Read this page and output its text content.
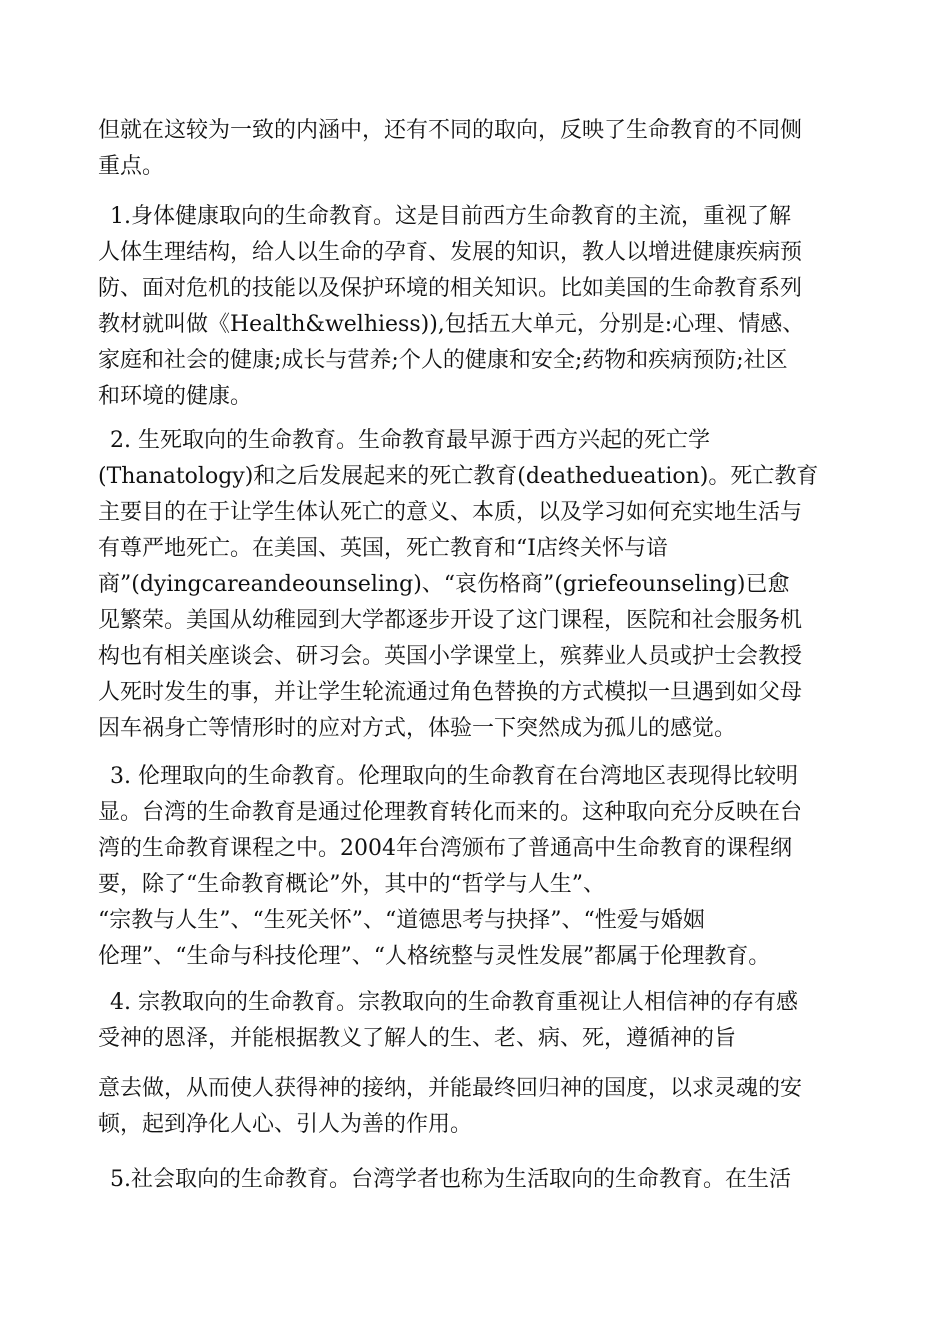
但就在这较为一致的内涵中，还有不同的取向，反映了生命教育的不同侧
重点。
1.身体健康取向的生命教育。这是目前西方生命教育的主流，重视了解
人体生理结构，给人以生命的孕育、发展的知识，教人以增进健康疾病预
防、面对危机的技能以及保护环境的相关知识。比如美国的生命教育系列
教材就叫做《Health&welhiess)),包括五大单元，分别是:心理、情感、
家庭和社会的健康;成长与营养;个人的健康和安全;药物和疾病预防;社区
和环境的健康。
2. 生死取向的生命教育。生命教育最早源于西方兴起的死亡学
(Thanatology)和之后发展起来的死亡教育(deathedueation)。死亡教育
主要目的在于让学生体认死亡的意义、本质，以及学习如何充实地生活与
有尊严地死亡。在美国、英国，死亡教育和“I店终关怀与谙
商”(dyingcareandeounseling)、“哀伤格商”(griefeounseling)已愈
见繁荣。美国从幼稚园到大学都逐步开设了这门课程，医院和社会服务机
构也有相关座谈会、研习会。英国小学课堂上，殡葬业人员或护士会教授
人死时发生的事，并让学生轮流通过角色替换的方式模拟一旦遇到如父母
因车祸身亡等情形时的应对方式，体验一下突然成为孤儿的感觉。
3. 伦理取向的生命教育。伦理取向的生命教育在台湾地区表现得比较明
显。台湾的生命教育是通过伦理教育转化而来的。这种取向充分反映在台
湾的生命教育课程之中。2004年台湾颁布了普通高中生命教育的课程纲
要，除了“生命教育概论”外，其中的“哲学与人生”、
“宗教与人生”、“生死关怀”、“道德思考与抉择”、“性爱与婚姻
伦理”、“生命与科技伦理”、“人格统整与灵性发展”都属于伦理教育。
4. 宗教取向的生命教育。宗教取向的生命教育重视让人相信神的存有感
受神的恩泽，并能根据教义了解人的生、老、病、死，遵循神的旨
意去做，从而使人获得神的接纳，并能最终回归神的国度，以求灵魂的安
顿，起到净化人心、引人为善的作用。
5.社会取向的生命教育。台湾学者也称为生活取向的生命教育。在生活
